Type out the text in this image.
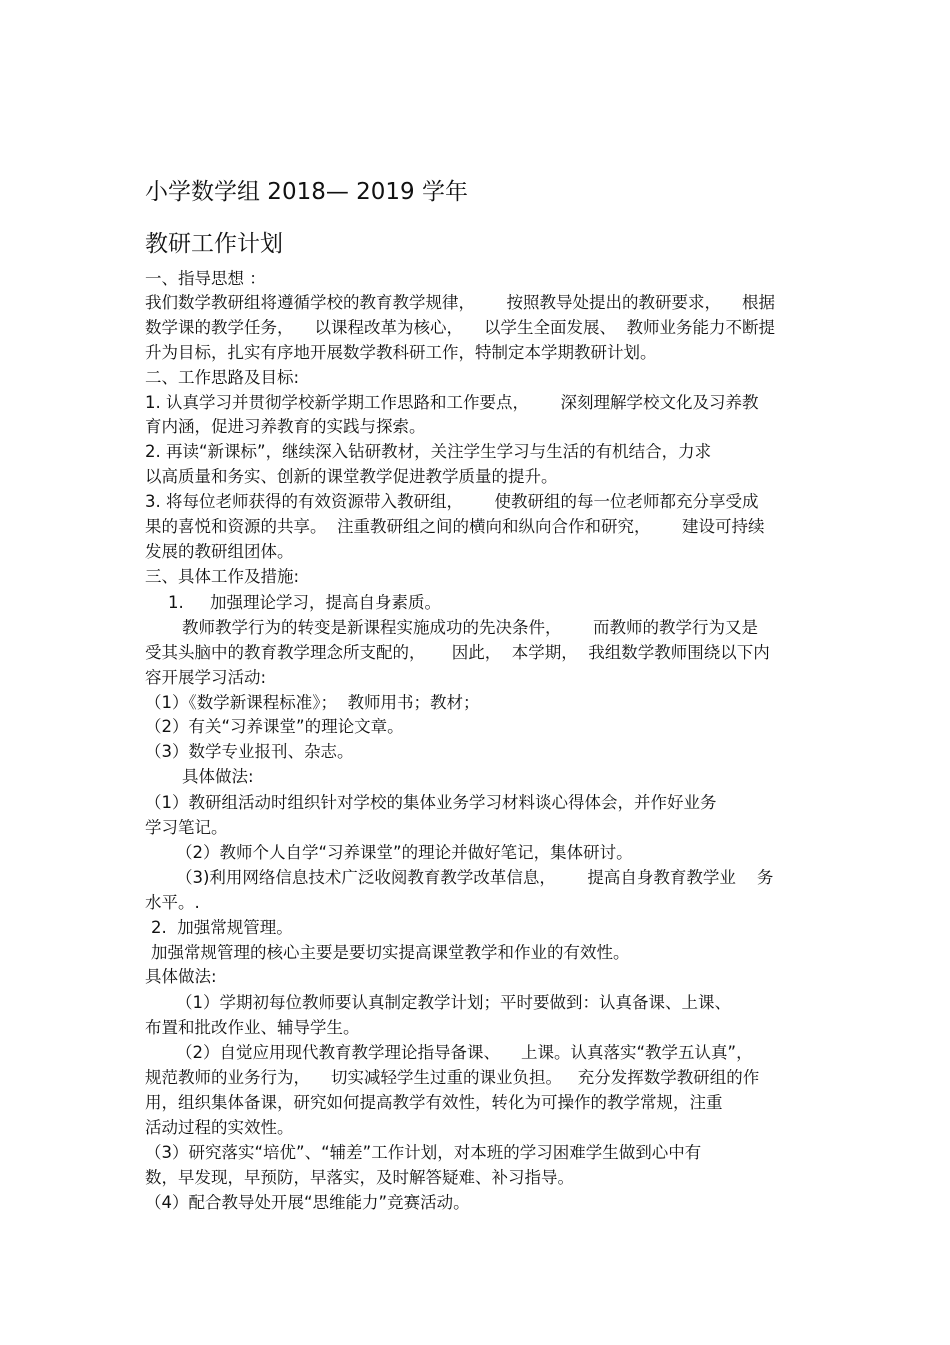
小学数学组 2018— 2019 学年
教研工作计划
一、指导思想 ：
我们数学教研组将遵循学校的教育教学规律，      按照教导处提出的教研要求，    根据
数学课的教学任务，    以课程改革为核心，    以学生全面发展、  教师业务能力不断提
升为目标，扎实有序地开展数学教科研工作，特制定本学期教研计划。
二、工作思路及目标:
1. 认真学习并贯彻学校新学期工作思路和工作要点，      深刻理解学校文化及习养教
育内涵，促进习养教育的实践与探索。
2. 再读“新课标”，继续深入钻研教材，关注学生学习与生活的有机结合，力求
以高质量和务实、创新的课堂教学促进教学质量的提升。
3. 将每位老师获得的有效资源带入教研组，      使教研组的每一位老师都充分享受成
果的喜悦和资源的共享。  注重教研组之间的横向和纵向合作和研究，      建设可持续
发展的教研组团体。
三、具体工作及措施:
1.     加强理论学习，提高自身素质。
教师教学行为的转变是新课程实施成功的先决条件，      而教师的教学行为又是
受其头脑中的教育教学理念所支配的，     因此，  本学期，  我组数学教师围绕以下内
容开展学习活动:
（1）《数学新课程标准》；  教师用书；教材；
（2）有关“习养课堂”的理论文章。
（3）数学专业报刊、杂志。
具体做法:
（1）教研组活动时组织针对学校的集体业务学习材料谈心得体会，并作好业务
学习笔记。
（2）教师个人自学“习养课堂”的理论并做好笔记，集体研讨。
（3)利用网络信息技术广泛收阅教育教学改革信息，      提高自身教育教学业    务
水平。.
2.  加强常规管理。
加强常规管理的核心主要是要切实提高课堂教学和作业的有效性。
具体做法:
（1）学期初每位教师要认真制定教学计划；平时要做到：认真备课、上课、
布置和批改作业、辅导学生。
（2）自觉应用现代教育教学理论指导备课、    上课。认真落实“教学五认真”，
规范教师的业务行为，    切实减轻学生过重的课业负担。   充分发挥数学教研组的作
用，组织集体备课，研究如何提高教学有效性，转化为可操作的教学常规，注重
活动过程的实效性。
（3）研究落实“培优”、“辅差”工作计划，对本班的学习困难学生做到心中有
数，早发现，早预防，早落实，及时解答疑难、补习指导。
（4）配合教导处开展“思维能力”竞赛活动。
